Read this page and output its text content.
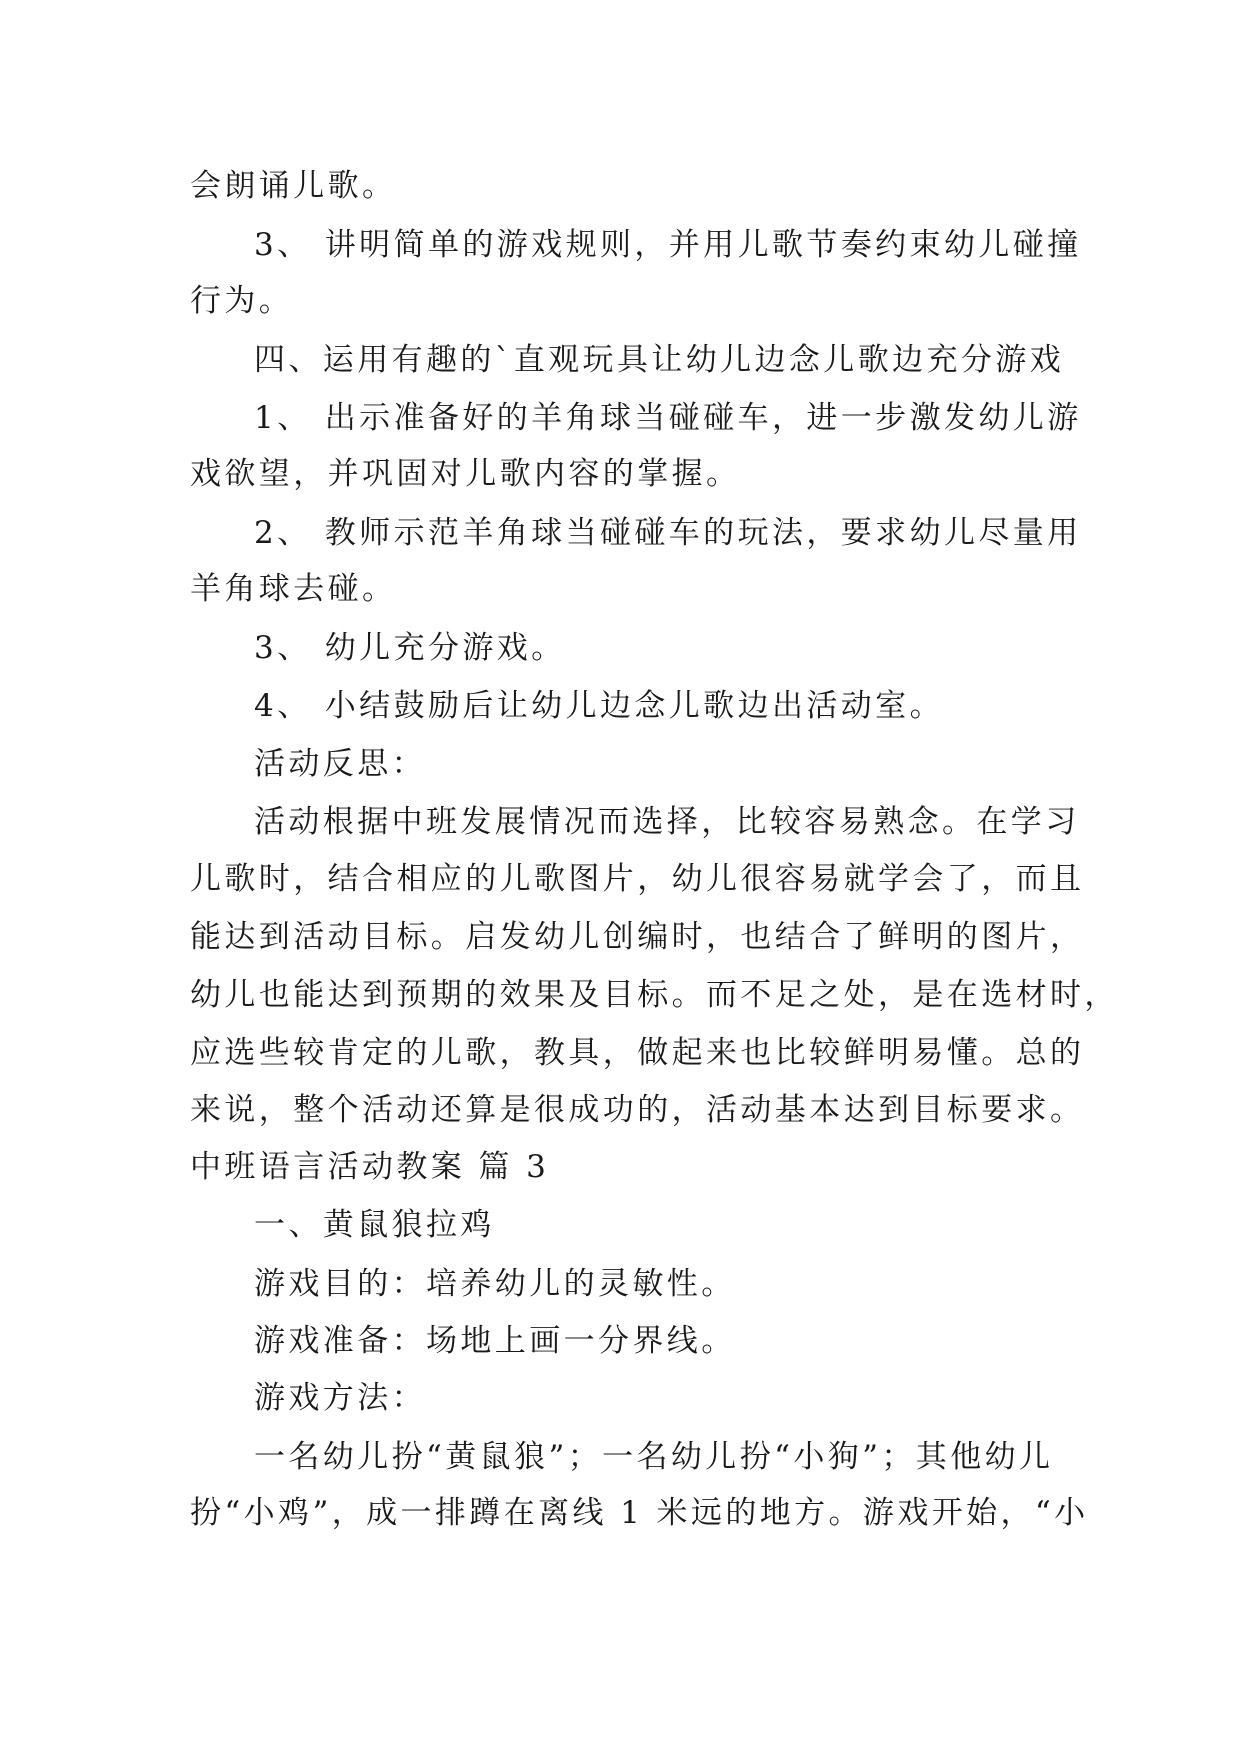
会朗诵儿歌。
3、 讲明简单的游戏规则，并用儿歌节奏约束幼儿碰撞
行为。
四、运用有趣的`直观玩具让幼儿边念儿歌边充分游戏
1、 出示准备好的羊角球当碰碰车，进一步激发幼儿游
戏欲望，并巩固对儿歌内容的掌握。
2、 教师示范羊角球当碰碰车的玩法，要求幼儿尽量用
羊角球去碰。
3、 幼儿充分游戏。
4、 小结鼓励后让幼儿边念儿歌边出活动室。
活动反思：
活动根据中班发展情况而选择，比较容易熟念。在学习
儿歌时，结合相应的儿歌图片，幼儿很容易就学会了，而且
能达到活动目标。启发幼儿创编时，也结合了鲜明的图片，
幼儿也能达到预期的效果及目标。而不足之处，是在选材时，
应选些较肯定的儿歌，教具，做起来也比较鲜明易懂。总的
来说，整个活动还算是很成功的，活动基本达到目标要求。
中班语言活动教案 篇 3
一、黄鼠狼拉鸡
游戏目的：培养幼儿的灵敏性。
游戏准备：场地上画一分界线。
游戏方法：
一名幼儿扮“黄鼠狼”；一名幼儿扮“小狗”；其他幼儿
扮“小鸡”，成一排蹲在离线 1 米远的地方。游戏开始，“小
